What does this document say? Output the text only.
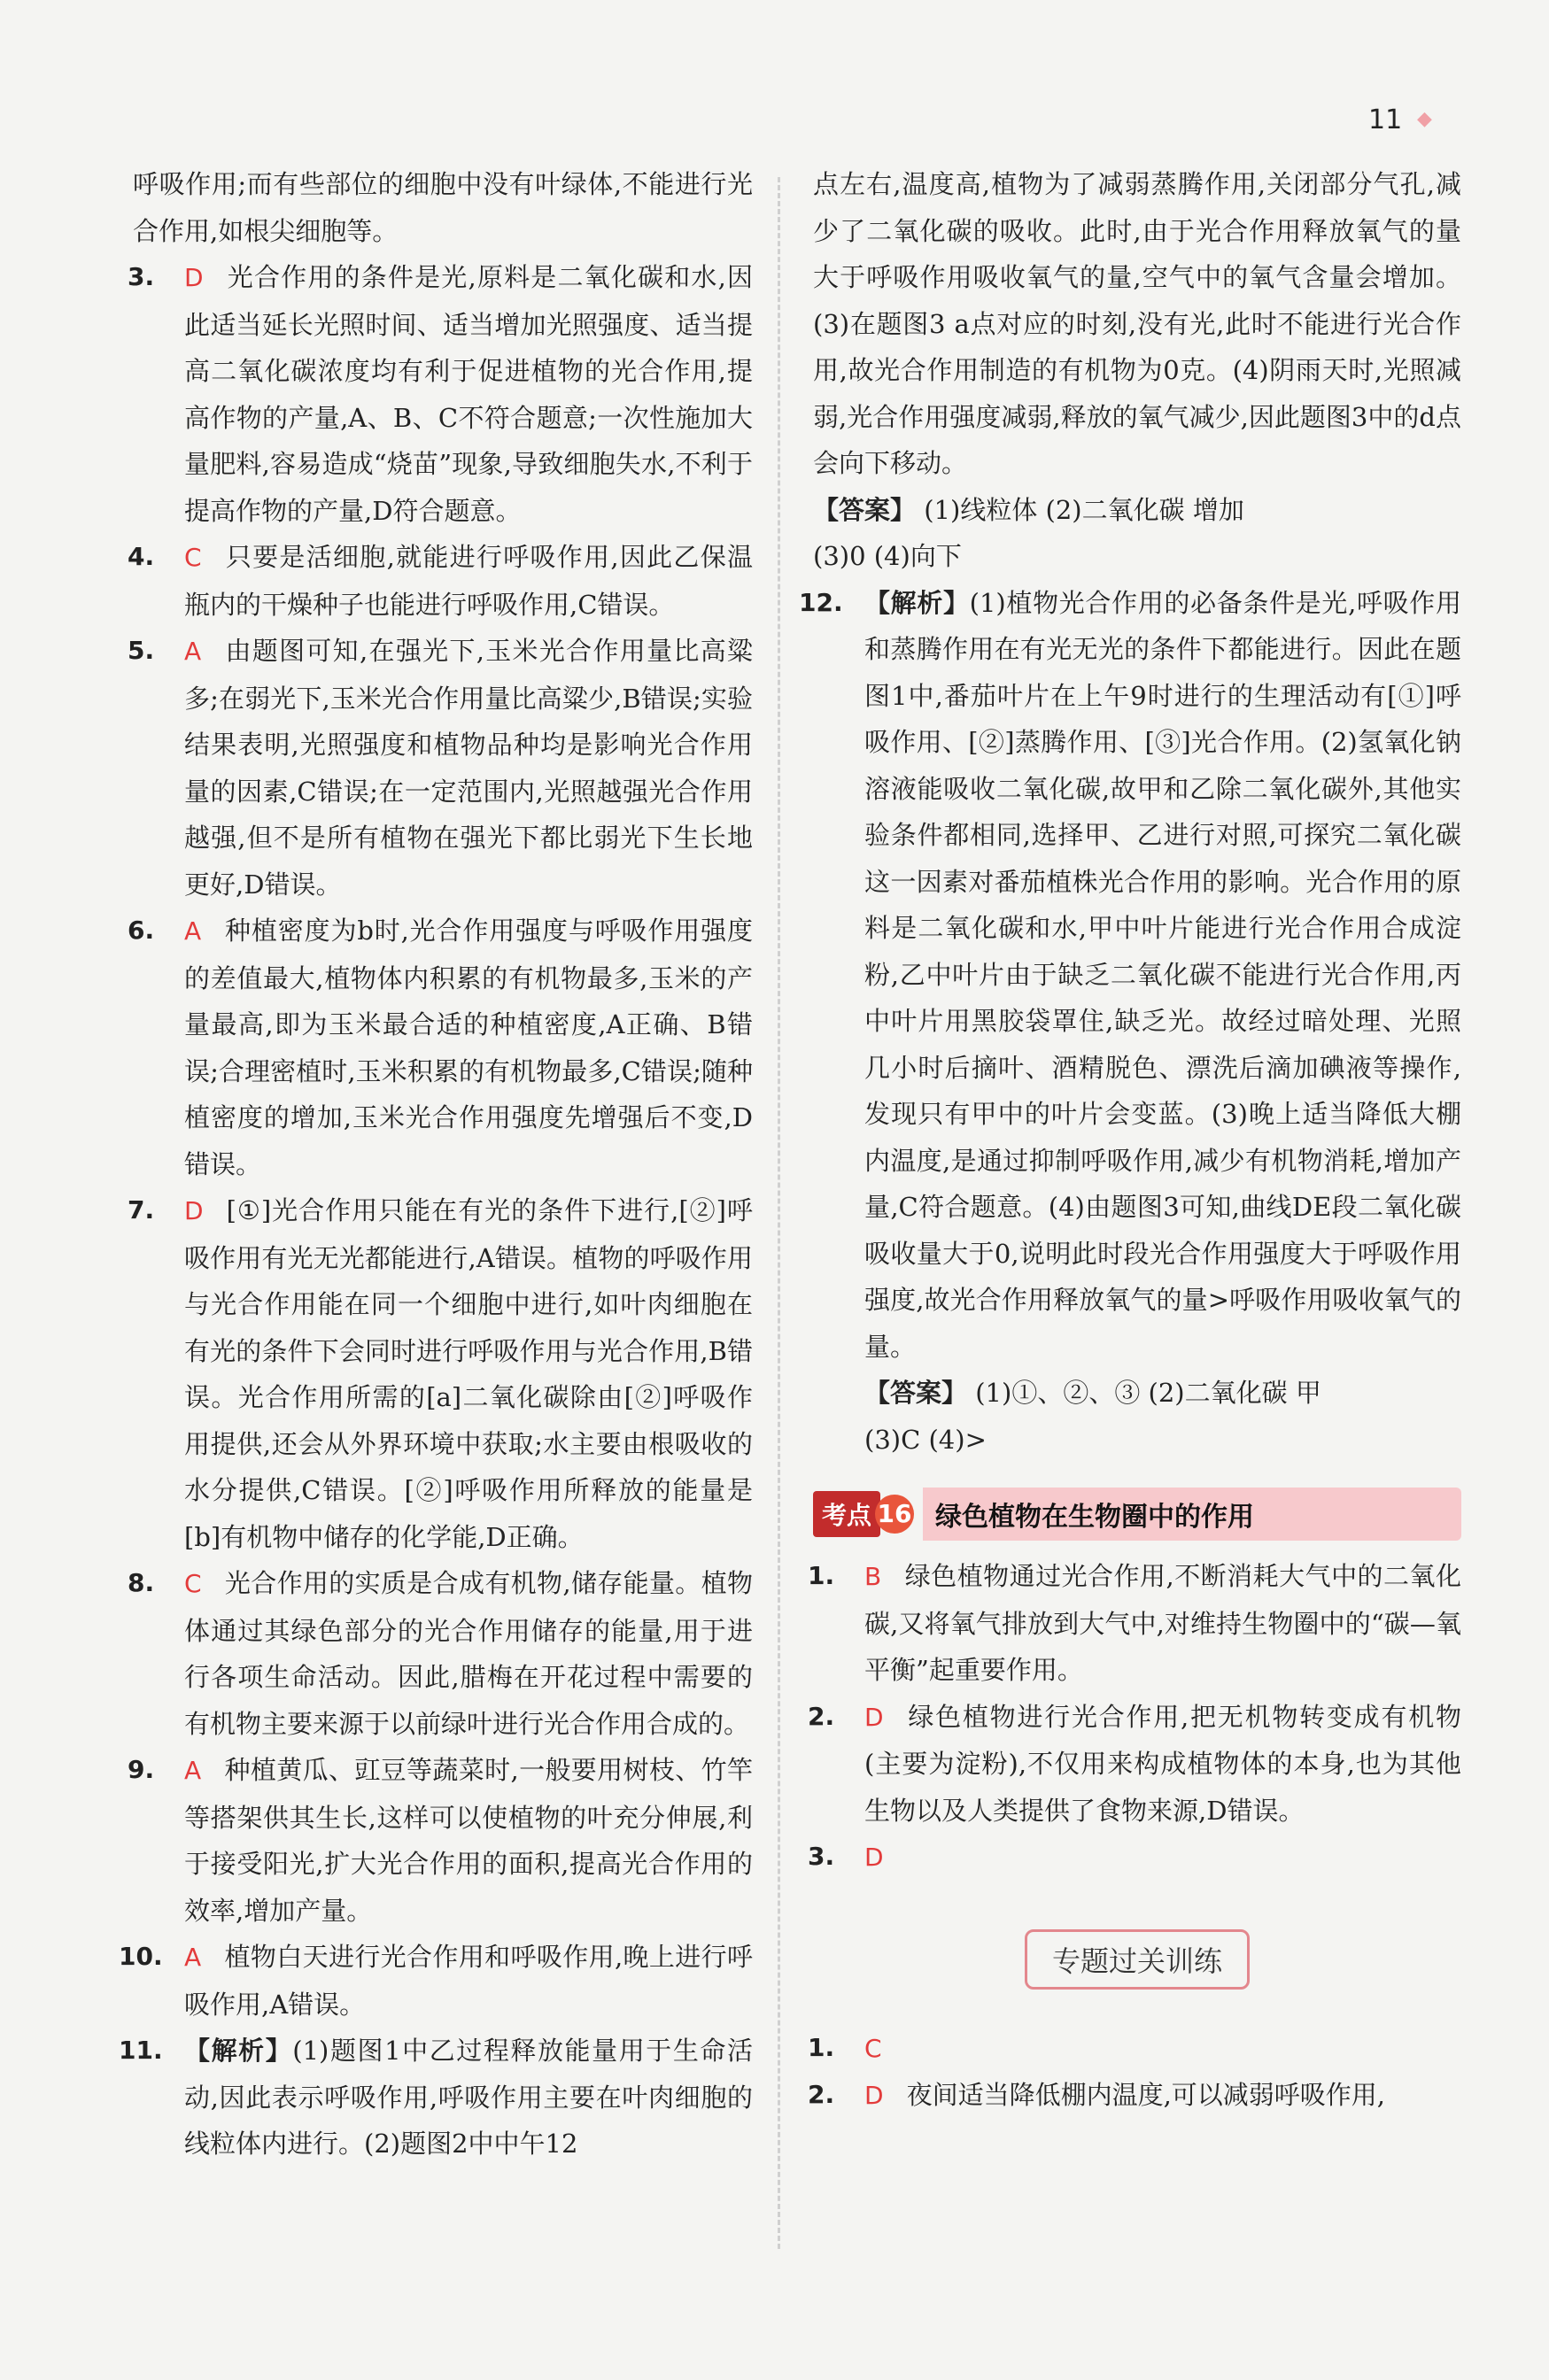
11 ◆

呼吸作用;而有些部位的细胞中没有叶绿体,不能进行光合作用,如根尖细胞等。

3. D 光合作用的条件是光,原料是二氧化碳和水,因此适当延长光照时间、适当增加光照强度、适当提高二氧化碳浓度均有利于促进植物的光合作用,提高作物的产量,A、B、C不符合题意;一次性施加大量肥料,容易造成“烧苗”现象,导致细胞失水,不利于提高作物的产量,D符合题意。

4. C 只要是活细胞,就能进行呼吸作用,因此乙保温瓶内的干燥种子也能进行呼吸作用,C错误。

5. A 由题图可知,在强光下,玉米光合作用量比高粱多;在弱光下,玉米光合作用量比高粱少,B错误;实验结果表明,光照强度和植物品种均是影响光合作用量的因素,C错误;在一定范围内,光照越强光合作用越强,但不是所有植物在强光下都比弱光下生长地更好,D错误。

6. A 种植密度为b时,光合作用强度与呼吸作用强度的差值最大,植物体内积累的有机物最多,玉米的产量最高,即为玉米最合适的种植密度,A正确、B错误;合理密植时,玉米积累的有机物最多,C错误;随种植密度的增加,玉米光合作用强度先增强后不变,D错误。

7. D [①]光合作用只能在有光的条件下进行,[②]呼吸作用有光无光都能进行,A错误。植物的呼吸作用与光合作用能在同一个细胞中进行,如叶肉细胞在有光的条件下会同时进行呼吸作用与光合作用,B错误。光合作用所需的[a]二氧化碳除由[②]呼吸作用提供,还会从外界环境中获取;水主要由根吸收的水分提供,C错误。[②]呼吸作用所释放的能量是[b]有机物中储存的化学能,D正确。

8. C 光合作用的实质是合成有机物,储存能量。植物体通过其绿色部分的光合作用储存的能量,用于进行各项生命活动。因此,腊梅在开花过程中需要的有机物主要来源于以前绿叶进行光合作用合成的。

9. A 种植黄瓜、豇豆等蔬菜时,一般要用树枝、竹竿等搭架供其生长,这样可以使植物的叶充分伸展,利于接受阳光,扩大光合作用的面积,提高光合作用的效率,增加产量。

10. A 植物白天进行光合作用和呼吸作用,晚上进行呼吸作用,A错误。

11. 【解析】(1)题图1中乙过程释放能量用于生命活动,因此表示呼吸作用,呼吸作用主要在叶肉细胞的线粒体内进行。(2)题图2中中午12

点左右,温度高,植物为了减弱蒸腾作用,关闭部分气孔,减少了二氧化碳的吸收。此时,由于光合作用释放氧气的量大于呼吸作用吸收氧气的量,空气中的氧气含量会增加。(3)在题图3 a点对应的时刻,没有光,此时不能进行光合作用,故光合作用制造的有机物为0克。(4)阴雨天时,光照减弱,光合作用强度减弱,释放的氧气减少,因此题图3中的d点会向下移动。

【答案】 (1)线粒体 (2)二氧化碳 增加

(3)0 (4)向下

12. 【解析】(1)植物光合作用的必备条件是光,呼吸作用和蒸腾作用在有光无光的条件下都能进行。因此在题图1中,番茄叶片在上午9时进行的生理活动有[①]呼吸作用、[②]蒸腾作用、[③]光合作用。(2)氢氧化钠溶液能吸收二氧化碳,故甲和乙除二氧化碳外,其他实验条件都相同,选择甲、乙进行对照,可探究二氧化碳这一因素对番茄植株光合作用的影响。光合作用的原料是二氧化碳和水,甲中叶片能进行光合作用合成淀粉,乙中叶片由于缺乏二氧化碳不能进行光合作用,丙中叶片用黑胶袋罩住,缺乏光。故经过暗处理、光照几小时后摘叶、酒精脱色、漂洗后滴加碘液等操作,发现只有甲中的叶片会变蓝。(3)晚上适当降低大棚内温度,是通过抑制呼吸作用,减少有机物消耗,增加产量,C符合题意。(4)由题图3可知,曲线DE段二氧化碳吸收量大于0,说明此时段光合作用强度大于呼吸作用强度,故光合作用释放氧气的量>呼吸作用吸收氧气的量。

【答案】 (1)①、②、③ (2)二氧化碳 甲

(3)C (4)>

考点 16 绿色植物在生物圈中的作用

1. B 绿色植物通过光合作用,不断消耗大气中的二氧化碳,又将氧气排放到大气中,对维持生物圈中的“碳—氧平衡”起重要作用。

2. D 绿色植物进行光合作用,把无机物转变成有机物(主要为淀粉),不仅用来构成植物体的本身,也为其他生物以及人类提供了食物来源,D错误。

3. D

专题过关训练

1. C

2. D 夜间适当降低棚内温度,可以减弱呼吸作用,
